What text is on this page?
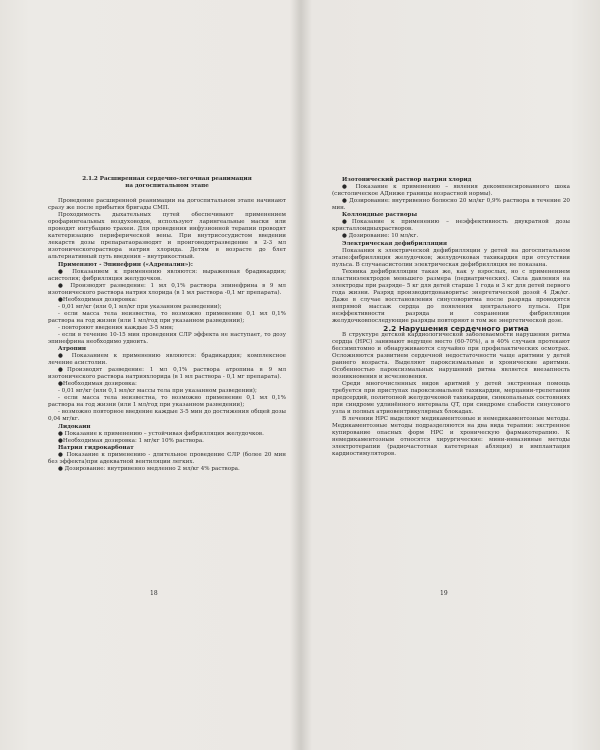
2.1.2 Расширенная сердечно-легочная реанимация

на догоспитальном этапе

Проведение расширенной реанимации на догоспитальном этапе начинают сразу же после прибытия бригады СМП.

Проходимость дыхательных путей обеспечивают применением орофарингеальных воздуховодов, используют ларингеальные маски или проводят интубацию трахеи. Для проведения инфузионной терапии проводят катетеризацию периферической вены. При внутрисосудистом введении лекарств дозы препаратаоразводят и проиговодятразведение в 2-3 мл изотоническогораствора натрия хлорида. Детям в возрасте до блет альтернативный путь введения – внутрикостный.

Применяют - Эпинефрин («Адреналин»):

● Показанием к применению являются: выраженная брадикардия; асистолия; фибрилляция желудочков.

● Производят разведение: 1 мл 0,1% раствора эпинефрина в 9 мл изотонического раствора натрия хлорида (в 1 мл раствора -0,1 мг препарата).

●Необходимая дозировка:

- 0,01 мг/кг (или 0,1 мл/кг при указанном разведении);

- если масса тела неизвестна, то возможно применение 0,1 мл 0,1% раствора на год жизни (или 1 мл/год при указанном разведении);

- повторяют введения каждые 3-5 мин;

- если в течение 10-15 мин проведения СЛР эффекта не наступает, то дозу эпинефрина необходимо удвоить.

Атропин

● Показанием к применению являются: брадикардия; комплексное лечение асистолии.

●Производят разведение: 1 мл 0,1% раствора атропина в 9 мл изотонического раствора натрияхлорида (в 1 мл раствора - 0,1 мг препарата).

●Необходимая дозировка:

- 0,01 мг/кг (или 0,1 мл/кг массы тела при указанном разведении);

- если масса тела неизвестна, то возможно применение 0,1 мл 0,1% раствора на год жизни (или 1 мл/год при указанном разведении);

- возможно повторное введение каждые 3-5 мин до достижения общей дозы 0,04 мг/кг.

Лидокаин

● Показание к применению – устойчивая фибрилляция желудочков.

●Необходимая дозировка: 1 мг/кг 10% раствора.

Натрия гидрокарбонат

● Показание к применению - длительное проведение СЛР (более 20 мин без эффекта)при адекватной вентиляции легких.

● Дозирование: внутривенно медленно 2 мл/кг 4% раствора.

18

Изотонический раствор натрия хлорид

● Показание к применению – явления декомпенсированного шока (систолическое АДниже границы возрастной нормы).

● Дозирование: внутривенно болюсно 20 мл/кг 0,9% раствора в течение 20 мин.

Коллоидные растворы

●Показание к применению – неэффективность двукратной дозы кристаллоидныхрастворов.

● Дозирование: 10 мл/кг.

Электрическая дефибрилляция

Показания к электрической дефибрилляции у детей на догоспитальном этапе:фибрилляция желудочков; желудочковая тахикардия при отсутствии пульса. В случаеасистолии электрическая дефибрилляция не показана.

Техника дефибрилляции такая же, как у взрослых, но с применением пластинэлектродов меньшего размера (педиатрических). Сила давления на электроды при разряде– 5 кг для детей старше 1 года и 3 кг для детей первого года жизни. Разряд производитдонаворитьс энергетической дозой 4 Дж/кг. Даже в случае восстановления синусоворитма после разряда проводятся непрямой массаж сердца до появления центрального пульса. При неэффективности разряда и сохранении фибрилляции желудочковпоследующие разряды повторяют в том же энергетической дозе.

2.2 Нарушения сердечного ритма

В структуре детской кардиологической заболеваемости нарушения ритма сердца (НРС) занимают ведущее место (60-70%), а в 40% случаев протекают бессимптомно и обнаруживаются случайно при профилактических осмотрах. Осложняются развитием сердечной недостаточности чаще аритмии у детей раннего возраста. Выделяют пароксизмальные и хронические аритмии. Особенностью пароксизмальных нарушений ритма является внезапность возникновения и исчезновения.

Среди многочисленных видов аритмий у детей экстренная помощь требуется при приступах пароксизмальной тахикардии, мерцании-трепетании предсердий, политопной желудочковой тахикардии, синкопальных состояниях при синдроме удлинённого интервала QT, при синдроме слабости синусового узла и полных атриовентрикулярных блокадах.

В лечении НРС выделяют медикаментозные и немедикаментозные методы. Медикаментозные методы подразделяются на два вида терапии: экстренное купирование опасных форм НРС и хроническую фармакотерапию. К немедикаментозным относятся хирургические: мини-инвазивные методы электротерапии (радиочастотная катетерная абляция) и имплантация кардиостимуляторов.

19
